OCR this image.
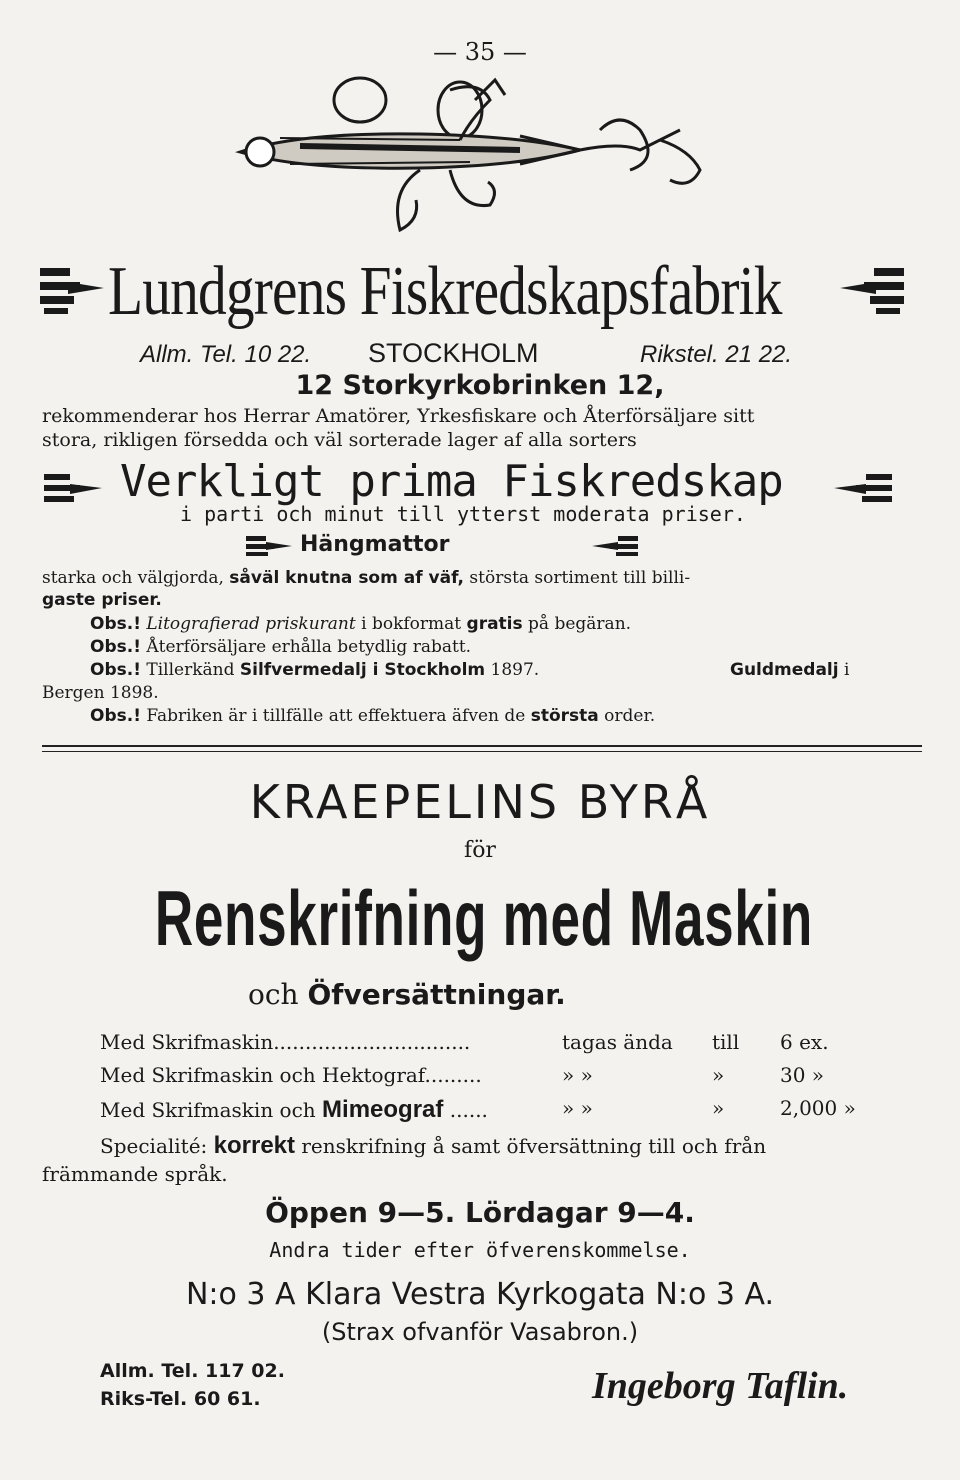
— 35 —
Lundgrens Fiskredskapsfabrik
Allm. Tel. 10 22. STOCKHOLM	Rikstel. 21 22.
12 Storkyrkobrinken 12,
rekommenderar hos Herrar Amatörer, Yrkesfiskare och Återförsäljare sitt
stora, rikligen försedda och väl sorterade lager af alla sorters
Verkligt prima Fiskredskap
i parti och minut till ytterst moderata priser.
Hängmattor
starka och välgjorda, såväl knutna som af väf, största sortiment till billi-
gaste priser.
Obs.! Litografierad priskurant i bokformat gratis på begäran.
Obs.! Återförsäljare erhålla betydlig rabatt.
Obs.! Tillerkänd Silfvermedalj i Stockholm 1897.	Guldmedalj i
Bergen 1898.
Obs.! Fabriken är i tillfälle att effektuera äfven de största order.
KRAEPELINS BYRÅ
för
Renskrifning med Maskin
och Öfversättningar.
Med Skrifmaskin...............................	tagas ända till 6 ex.
Med Skrifmaskin och Hektograf.........	» »	»	30 »
Med Skrifmaskin och Mimeograf ......	» »	»	2,000 »
Specialité: korrekt renskrifning å samt öfversättning till och från
främmande språk.
Öppen 9—5. Lördagar 9—4.
Andra tider efter öfverenskommelse.
N:o 3 A Klara Vestra Kyrkogata N:o 3 A.
(Strax ofvanför Vasabron.)
Allm. Tel. 117 02.
Riks-Tel. 60 61.	Ingeborg Taflin.
